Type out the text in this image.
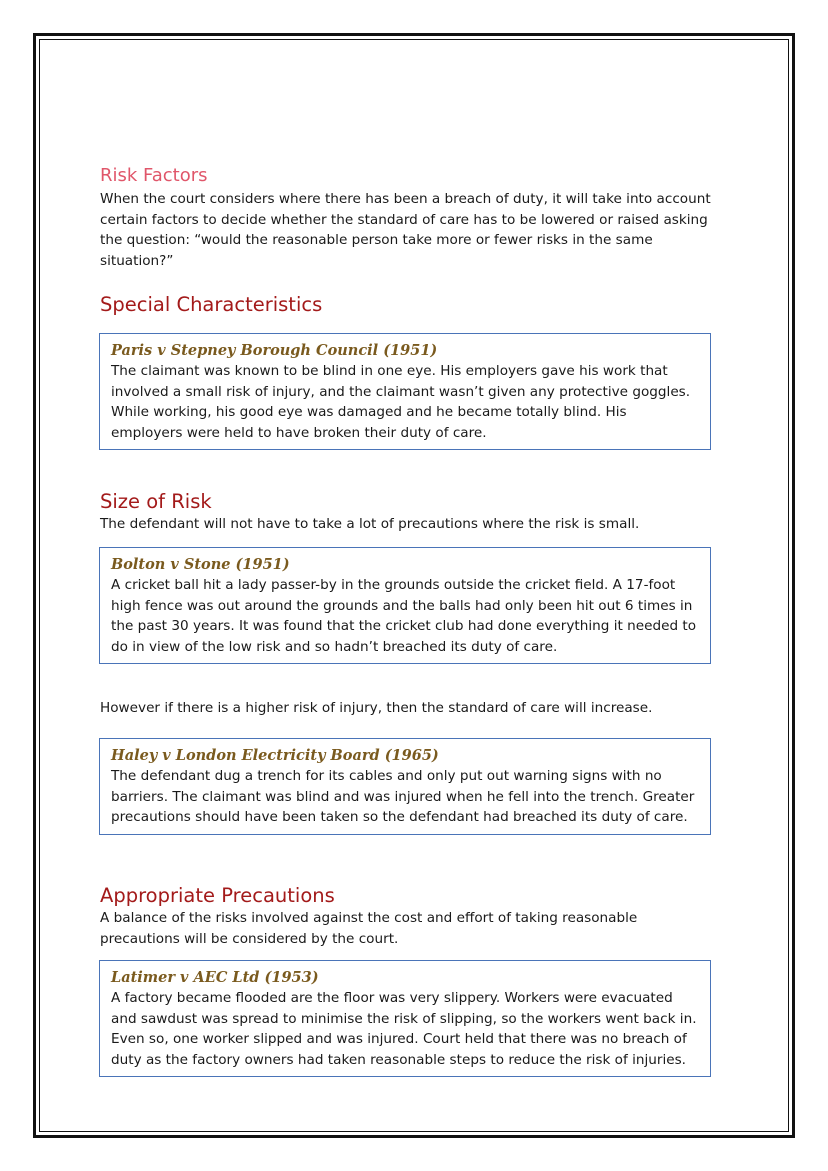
Risk Factors

When the court considers where there has been a breach of duty, it will take into account certain factors to decide whether the standard of care has to be lowered or raised asking the question: “would the reasonable person take more or fewer risks in the same situation?”

Special Characteristics

Paris v Stepney Borough Council (1951)

The claimant was known to be blind in one eye. His employers gave his work that involved a small risk of injury, and the claimant wasn’t given any protective goggles. While working, his good eye was damaged and he became totally blind. His employers were held to have broken their duty of care.

Size of Risk

The defendant will not have to take a lot of precautions where the risk is small.

Bolton v Stone (1951)

A cricket ball hit a lady passer-by in the grounds outside the cricket field. A 17-foot high fence was out around the grounds and the balls had only been hit out 6 times in the past 30 years. It was found that the cricket club had done everything it needed to do in view of the low risk and so hadn’t breached its duty of care.

However if there is a higher risk of injury, then the standard of care will increase.

Haley v London Electricity Board (1965)

The defendant dug a trench for its cables and only put out warning signs with no barriers. The claimant was blind and was injured when he fell into the trench. Greater precautions should have been taken so the defendant had breached its duty of care.

Appropriate Precautions

A balance of the risks involved against the cost and effort of taking reasonable precautions will be considered by the court.

Latimer v AEC Ltd (1953)

A factory became flooded are the floor was very slippery. Workers were evacuated and sawdust was spread to minimise the risk of slipping, so the workers went back in. Even so, one worker slipped and was injured. Court held that there was no breach of duty as the factory owners had taken reasonable steps to reduce the risk of injuries.
